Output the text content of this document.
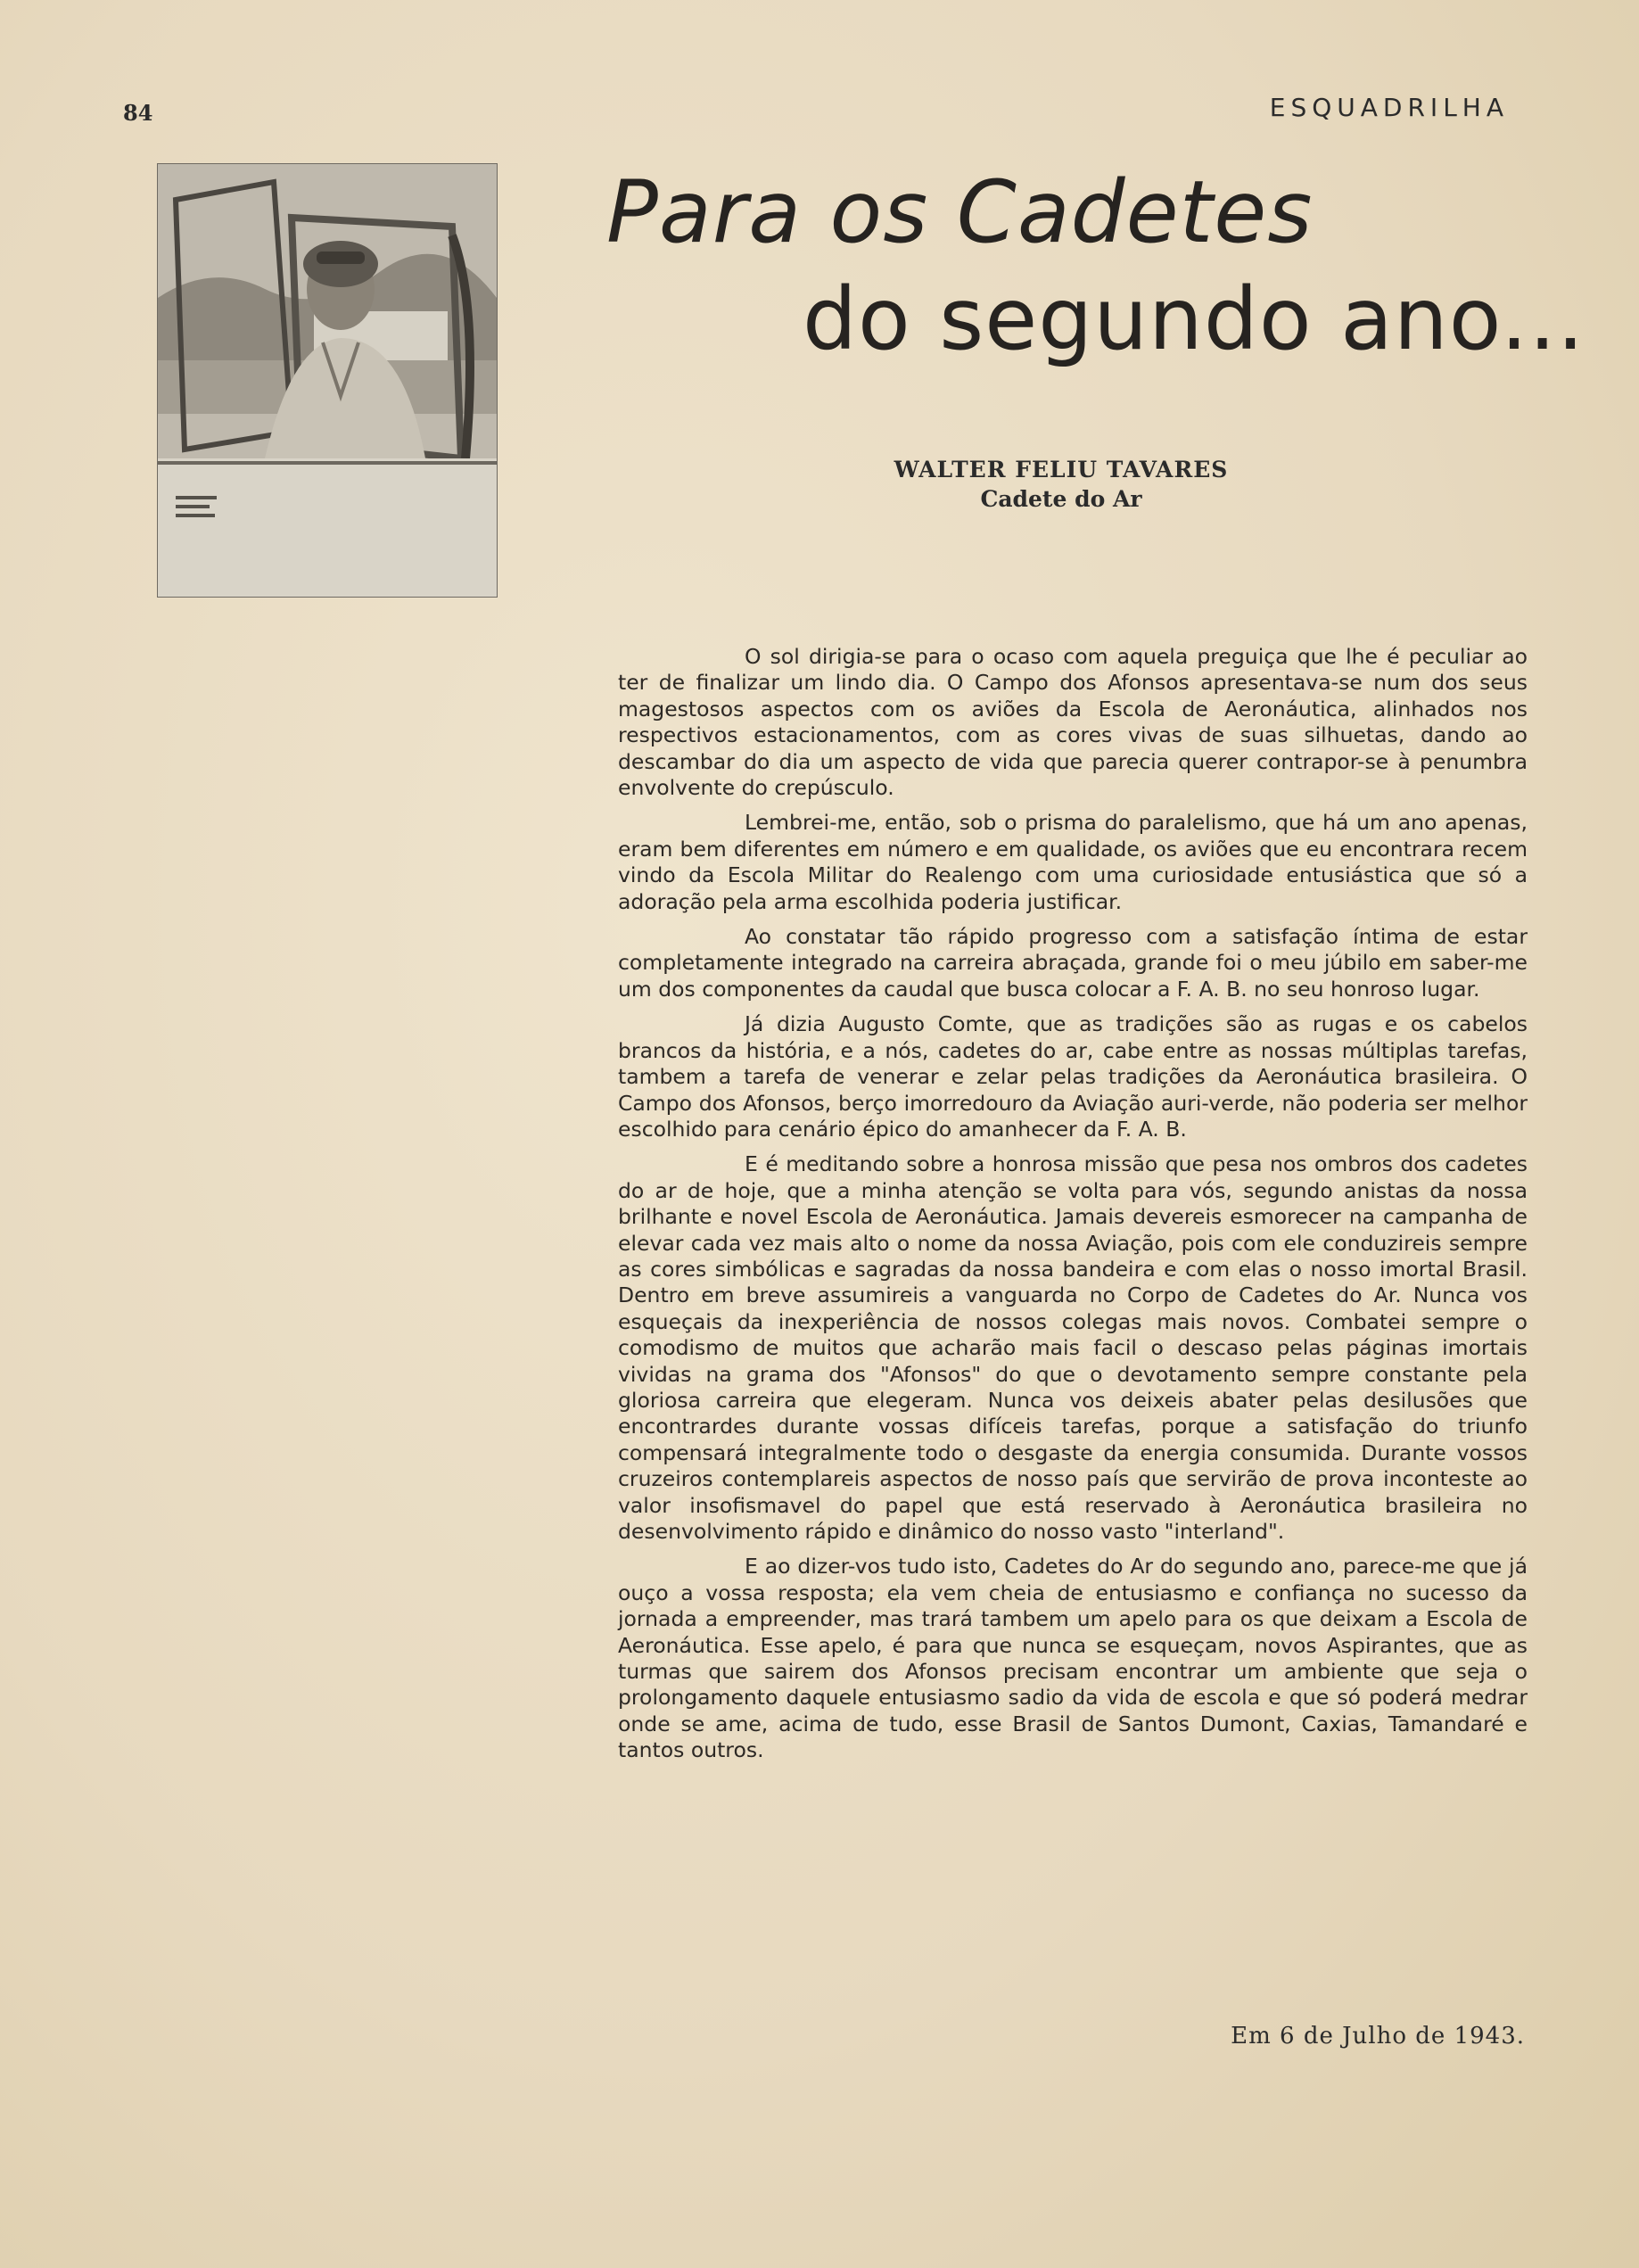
84	ESQUADRILHA
Para os Cadetes
do segundo ano...

WALTER FELIU TAVARES

Cadete do Ar

O sol dirigia-se para o ocaso com aquela preguiça que lhe é peculiar ao ter de finalizar um lindo dia. O Campo dos Afonsos apresentava-se num dos seus magestosos aspectos com os aviões da Escola de Aeronáutica, alinhados nos respectivos estacionamentos, com as cores vivas de suas silhuetas, dando ao descambar do dia um aspecto de vida que parecia querer contrapor-se à penumbra envolvente do crepúsculo.

Lembrei-me, então, sob o prisma do paralelismo, que há um ano apenas, eram bem diferentes em número e em qualidade, os aviões que eu encontrara recem vindo da Escola Militar do Realengo com uma curiosidade entusiástica que só a adoração pela arma escolhida poderia justificar.

Ao constatar tão rápido progresso com a satisfação íntima de estar completamente integrado na carreira abraçada, grande foi o meu júbilo em saber-me um dos componentes da caudal que busca colocar a F. A. B. no seu honroso lugar.

Já dizia Augusto Comte, que as tradições são as rugas e os cabelos brancos da história, e a nós, cadetes do ar, cabe entre as nossas múltiplas tarefas, tambem a tarefa de venerar e zelar pelas tradições da Aeronáutica brasileira. O Campo dos Afonsos, berço imorredouro da Aviação auri-verde, não poderia ser melhor escolhido para cenário épico do amanhecer da F. A. B.

E é meditando sobre a honrosa missão que pesa nos ombros dos cadetes do ar de hoje, que a minha atenção se volta para vós, segundo anistas da nossa brilhante e novel Escola de Aeronáutica. Jamais devereis esmorecer na campanha de elevar cada vez mais alto o nome da nossa Aviação, pois com ele conduzireis sempre as cores simbólicas e sagradas da nossa bandeira e com elas o nosso imortal Brasil. Dentro em breve assumireis a vanguarda no Corpo de Cadetes do Ar. Nunca vos esqueçais da inexperiência de nossos colegas mais novos. Combatei sempre o comodismo de muitos que acharão mais facil o descaso pelas páginas imortais vividas na grama dos "Afonsos" do que o devotamento sempre constante pela gloriosa carreira que elegeram. Nunca vos deixeis abater pelas desilusões que encontrardes durante vossas difíceis tarefas, porque a satisfação do triunfo compensará integralmente todo o desgaste da energia consumida. Durante vossos cruzeiros contemplareis aspectos de nosso país que servirão de prova inconteste ao valor insofismavel do papel que está reservado à Aeronáutica brasileira no desenvolvimento rápido e dinâmico do nosso vasto "interland".

E ao dizer-vos tudo isto, Cadetes do Ar do segundo ano, parece-me que já ouço a vossa resposta; ela vem cheia de entusiasmo e confiança no sucesso da jornada a empreender, mas trará tambem um apelo para os que deixam a Escola de Aeronáutica. Esse apelo, é para que nunca se esqueçam, novos Aspirantes, que as turmas que sairem dos Afonsos precisam encontrar um ambiente que seja o prolongamento daquele entusiasmo sadio da vida de escola e que só poderá medrar onde se ame, acima de tudo, esse Brasil de Santos Dumont, Caxias, Tamandaré e tantos outros.

Em 6 de Julho de 1943.
